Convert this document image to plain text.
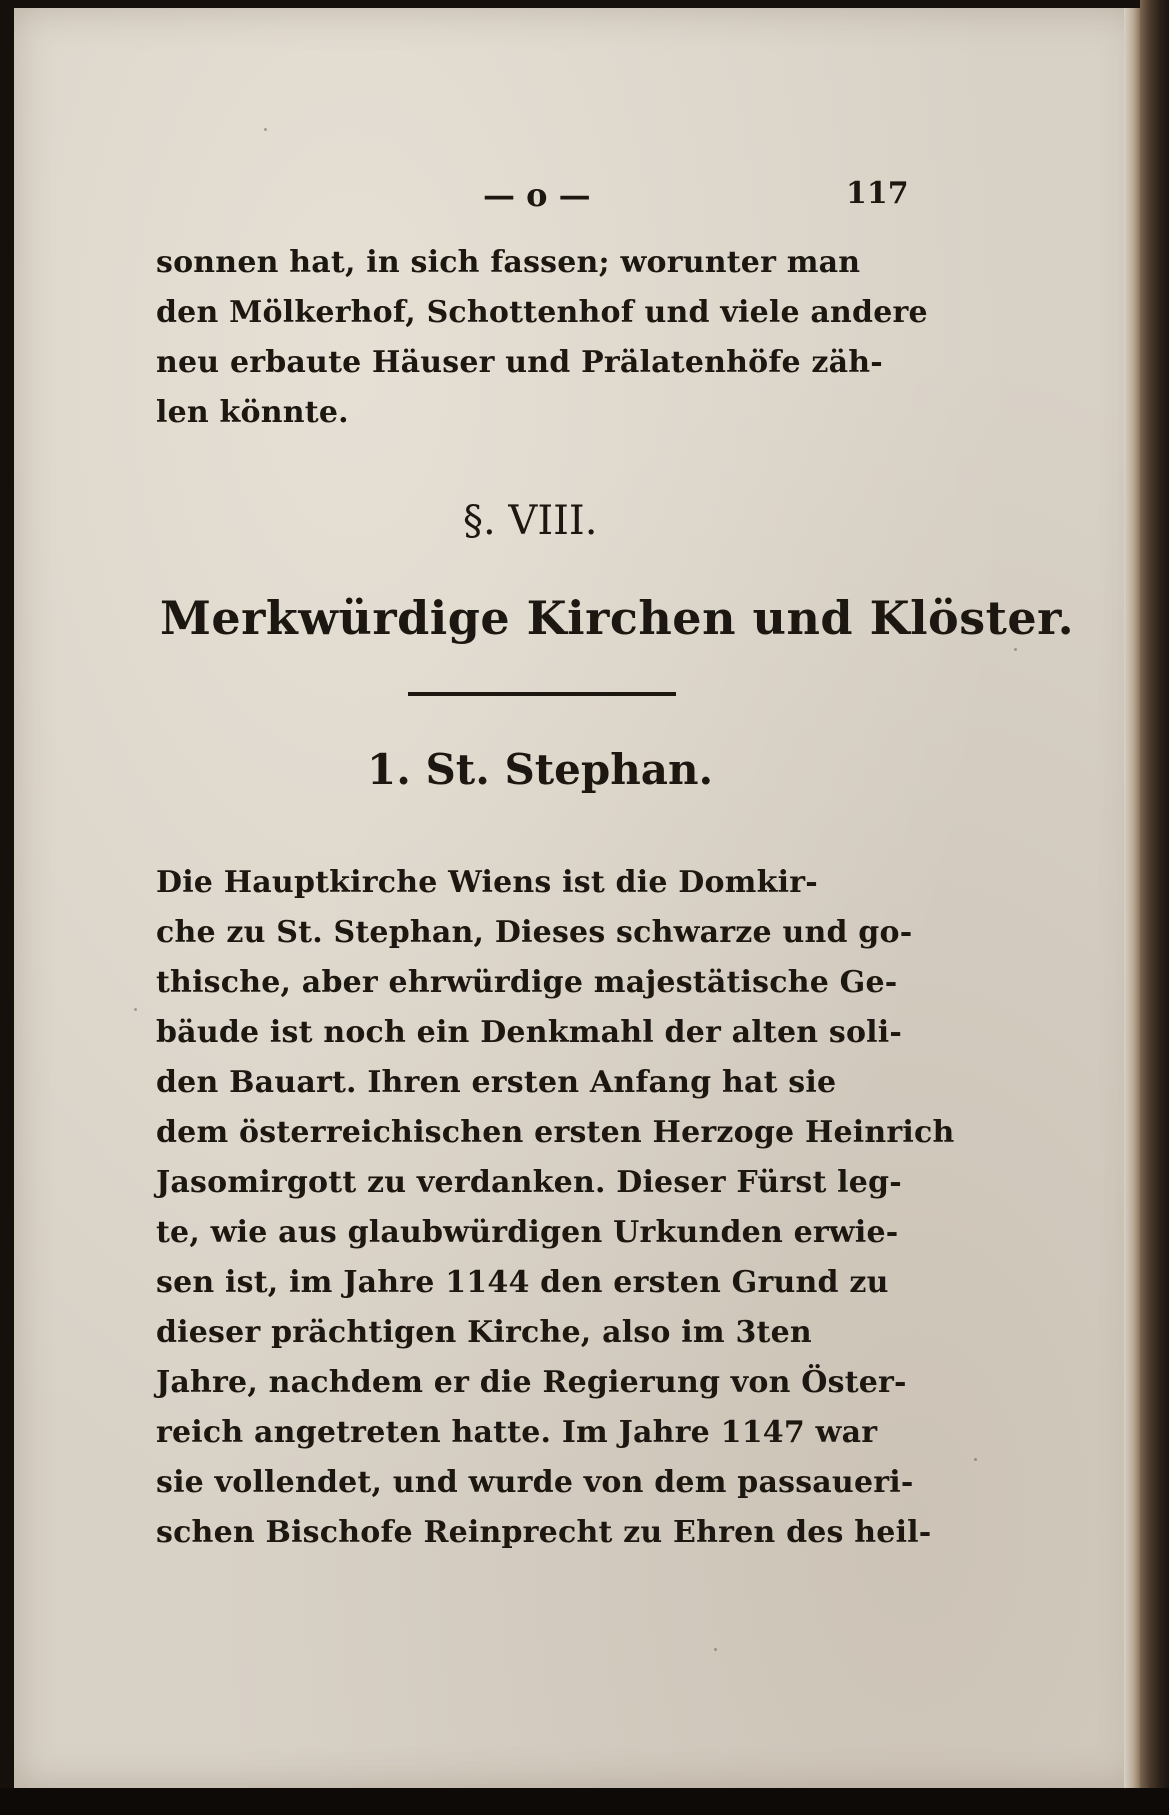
— o —	117
sonnen hat, in sich fassen; worunter man
den Mölkerhof, Schottenhof und viele andere
neu erbaute Häuser und Prälatenhöfe zäh-
len könnte.
§. VIII.
Merkwürdige Kirchen und Klöster.
1. St. Stephan.
Die Hauptkirche Wiens ist die Domkir-
che zu St. Stephan, Dieses schwarze und go-
thische, aber ehrwürdige majestätische Ge-
bäude ist noch ein Denkmahl der alten soli-
den Bauart. Ihren ersten Anfang hat sie
dem österreichischen ersten Herzoge Heinrich
Jasomirgott zu verdanken. Dieser Fürst leg-
te, wie aus glaubwürdigen Urkunden erwie-
sen ist, im Jahre 1144 den ersten Grund zu
dieser prächtigen Kirche, also im 3ten
Jahre, nachdem er die Regierung von Öster-
reich angetreten hatte. Im Jahre 1147 war
sie vollendet, und wurde von dem passaueri-
schen Bischofe Reinprecht zu Ehren des heil-
